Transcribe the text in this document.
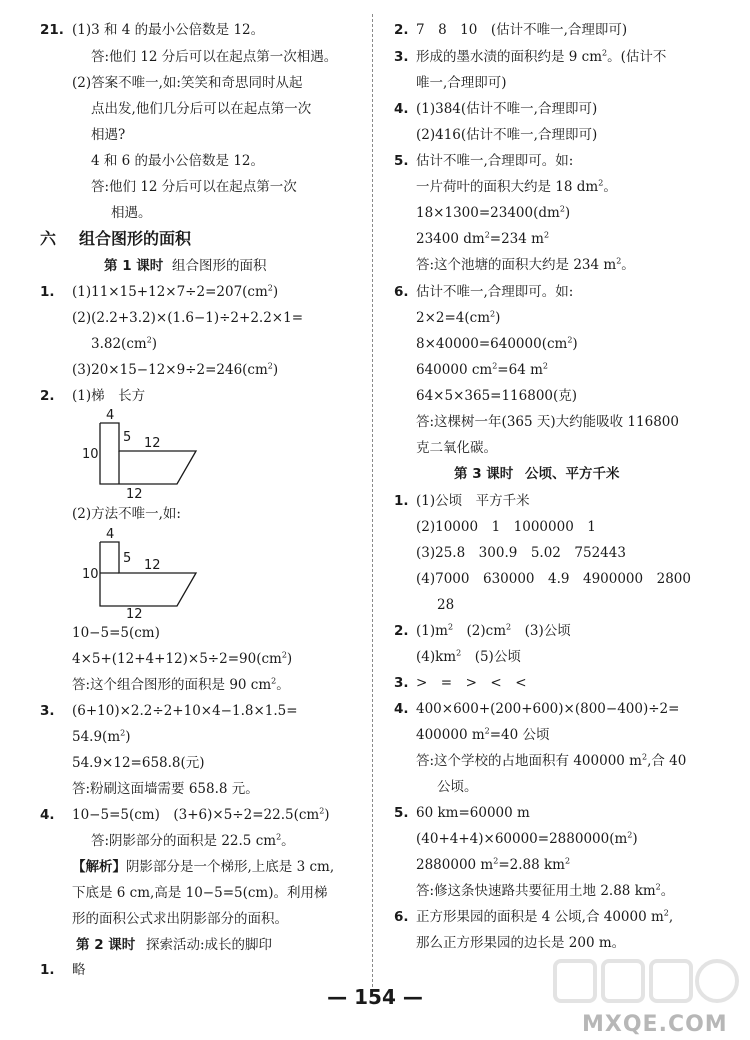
21. (1)3 和 4 的最小公倍数是 12。
答:他们 12 分后可以在起点第一次相遇。
(2)答案不唯一,如:笑笑和奇思同时从起
点出发,他们几分后可以在起点第一次
相遇?
4 和 6 的最小公倍数是 12。
答:他们 12 分后可以在起点第一次
相遇。
六 组合图形的面积
第 1 课时 组合图形的面积
1. $(1)11\times 15+12\times 7\div 2=207(cm^2)$
(2)(2.2+3.2)×(1.6−1)÷2+2.2×1=
$3.82(cm^2)$
$(3)20\times 15-12\times 9\div 2=246(cm^2)$
2. (1)梯　长方
4
10
5 12
12
(2)方法不唯一,如:
4
10
5 12
12
10−5=5(cm)
$4\times 5+(12+4+12)\times 5\div 2=90(cm^2)$
答:这个组合图形的面积是 90 $cm^2$。
3. (6+10)×2.2÷2+10×4−1.8×1.5=
$54.9(m^2)$
54.9×12=658.8(元)
答:粉刷这面墙需要 658.8 元。
4. 10−5=5(cm)　$(3+6)\times 5\div 2=22.5(cm^2)$
答:阴影部分的面积是 22.5 $cm^2$。
【解析】阴影部分是一个梯形,上底是 3 cm,
下底是 6 cm,高是 10−5=5(cm)。利用梯
形的面积公式求出阴影部分的面积。
第 2 课时 探索活动:成长的脚印
1. 略
2. 7　8　10　(估计不唯一,合理即可)
3. 形成的墨水渍的面积约是 9 $cm^2$。(估计不
唯一,合理即可)
4. (1)384(估计不唯一,合理即可)
(2)416(估计不唯一,合理即可)
5. 估计不唯一,合理即可。如:
一片荷叶的面积大约是 18 $dm^2$。
$18\times 1300=23400(dm^2)$
23400 $dm^2=234$ $m^2$
答:这个池塘的面积大约是 234 $m^2$。
6. 估计不唯一,合理即可。如:
$2\times 2=4(cm^2)$
$8\times 40000=640000(cm^2)$
640000 $cm^2=64$ $m^2$
64×5×365=116800(克)
答:这棵树一年(365 天)大约能吸收 116800
克二氧化碳。
第 3 课时 公顷、平方千米
1. (1)公顷　平方千米
(2)10000　1　1000000　1
(3)25.8　300.9　5.02　752443
(4)7000　630000　4.9　4900000　2800
28
2. $(1)m^2$　$(2)cm^2$　(3)公顷
$(4)km^2$　(5)公顷
3. >　=　>　<　<
4. 400×600+(200+600)×(800−400)÷2=
400000 $m^2=40$ 公顷
答:这个学校的占地面积有 400000 $m^2$,合 40
公顷。
5. 60 km=60000 m
$(40+4+4)\times 60000=2880000(m^2)$
2880000 $m^2=2.88$ $km^2$
答:修这条快速路共要征用土地 2.88 $km^2$。
6. 正方形果园的面积是 4 公顷,合 40000 $m^2$,
那么正方形果园的边长是 200 m。
— 154 —
MXQE.COM
